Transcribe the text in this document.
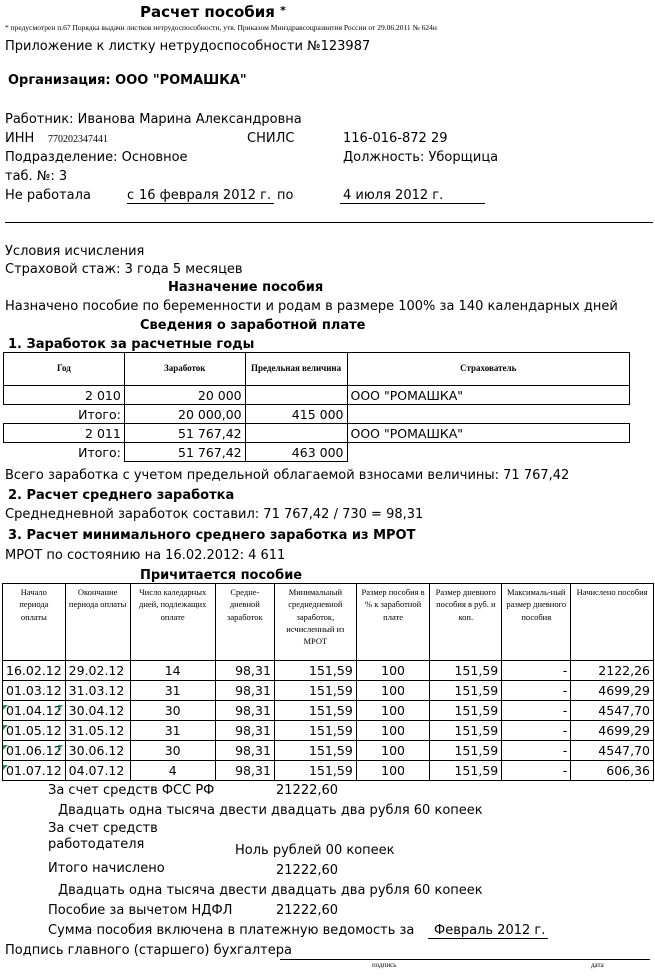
Расчет пособия *
* предусмотрен п.67 Порядка выдачи листков нетрудоспособности, утв. Приказом Минздравсоцразвития России от 29.06.2011 № 624н
Приложение к листку нетрудоспособности №123987
Организация: ООО "РОМАШКА"
Работник: Иванова Марина Александровна
ИНН 770202347441	СНИЛС	116-016-872 29
Подразделение: Основное	Должность: Уборщица
таб. №: 3
Не работала	с 16 февраля 2012 г. по	4 июля 2012 г.
Условия исчисления
Страховой стаж: 3 года 5 месяцев
Назначение пособия
Назначено пособие по беременности и родам в размере 100% за 140 календарных дней
Сведения о заработной плате
1. Заработок за расчетные годы
Год	Заработок	Предельная величина	Страхователь
2 010	20 000		ООО "РОМАШКА"
Итого:	20 000,00	415 000	
2 011	51 767,42		ООО "РОМАШКА"
Итого:	51 767,42	463 000	
Всего заработка с учетом предельной облагаемой взносами величины: 71 767,42
2. Расчет среднего заработка
Среднедневной заработок составил: 71 767,42 / 730 = 98,31
3. Расчет минимального среднего заработка из МРОТ
МРОТ по состоянию на 16.02.2012: 4 611
Причитается пособие
Начало периода оплаты	Окончание периода оплаты	Число каледарных дней, подлежащих оплате	Средне-дневной заработок	Минимальный среднедневной заработок, исчисленный из МРОТ	Размер пособия в % к заработной плате	Размер дневного пособия в руб. и коп.	Максималь-ный размер дневного пособия	Начислено пособия
16.02.12	29.02.12	14	98,31	151,59	100	151,59	-	2122,26
01.03.12	31.03.12	31	98,31	151,59	100	151,59	-	4699,29
01.04.12	30.04.12	30	98,31	151,59	100	151,59	-	4547,70
01.05.12	31.05.12	31	98,31	151,59	100	151,59	-	4699,29
01.06.12	30.06.12	30	98,31	151,59	100	151,59	-	4547,70
01.07.12	04.07.12	4	98,31	151,59	100	151,59	-	606,36
За счет средств ФСС РФ	21222,60
Двадцать одна тысяча двести двадцать два рубля 60 копеек
За счет средств
работодателя	Ноль рублей 00 копеек
Итого начислено	21222,60
Двадцать одна тысяча двести двадцать два рубля 60 копеек
Пособие за вычетом НДФЛ	21222,60
Сумма пособия включена в платежную ведомость за Февраль 2012 г.
Подпись главного (старшего) бухгалтера
подпись	дата
